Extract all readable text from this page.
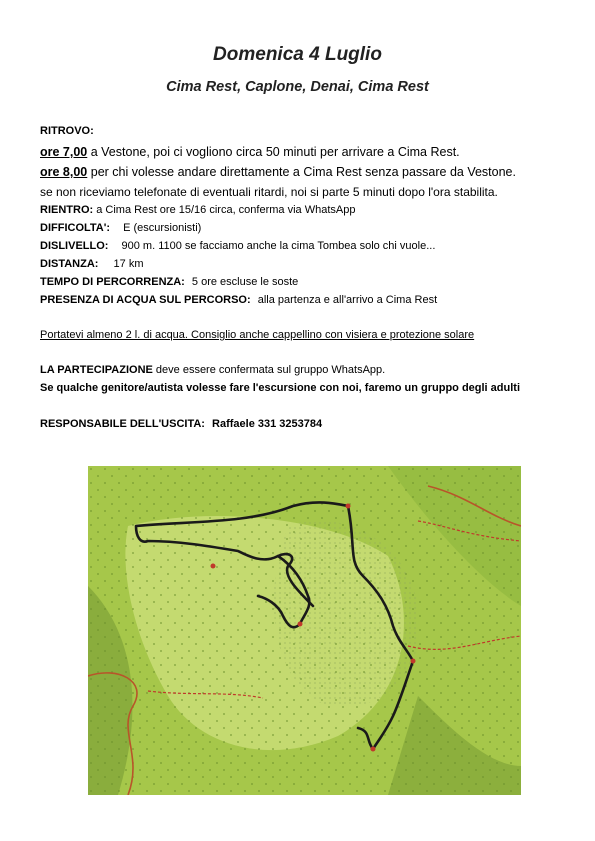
Domenica 4 Luglio
Cima Rest, Caplone, Denai, Cima Rest
RITROVO:
ore 7,00 a Vestone, poi ci vogliono circa 50 minuti per arrivare a Cima Rest.
ore 8,00 per chi volesse andare direttamente a Cima Rest senza passare da Vestone.
se non riceviamo telefonate di eventuali ritardi, noi si parte 5 minuti dopo l'ora stabilita.
RIENTRO: a Cima Rest ore 15/16 circa, conferma via WhatsApp
DIFFICOLTA': E (escursionisti)
DISLIVELLO: 900 m. 1100 se facciamo anche la cima Tombea solo chi vuole...
DISTANZA: 17 km
TEMPO DI PERCORRENZA: 5 ore escluse le soste
PRESENZA DI ACQUA SUL PERCORSO: alla partenza e all'arrivo a Cima Rest
Portatevi almeno 2 l. di acqua. Consiglio anche cappellino con visiera e protezione solare
LA PARTECIPAZIONE deve essere confermata sul gruppo WhatsApp.
Se qualche genitore/autista volesse fare l'escursione con noi, faremo un gruppo degli adulti
RESPONSABILE DELL'USCITA: Raffaele 331 3253784
